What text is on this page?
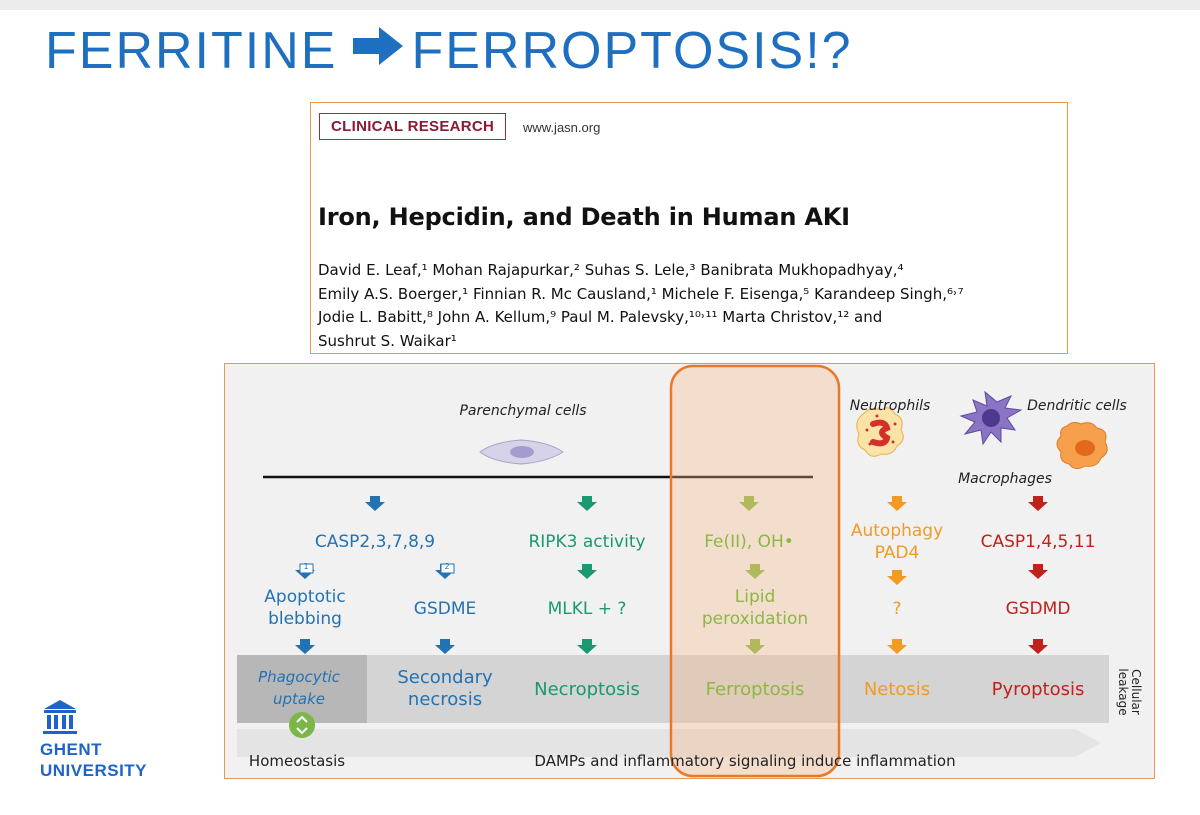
FERRITINE FERROPTOSIS!?
CLINICAL RESEARCH	www.jasn.org
Iron, Hepcidin, and Death in Human AKI
David E. Leaf,¹ Mohan Rajapurkar,² Suhas S. Lele,³ Banibrata Mukhopadhyay,⁴
Emily A.S. Boerger,¹ Finnian R. Mc Causland,¹ Michele F. Eisenga,⁵ Karandeep Singh,⁶˒⁷
Jodie L. Babitt,⁸ John A. Kellum,⁹ Paul M. Palevsky,¹⁰˒¹¹ Marta Christov,¹² and
Sushrut S. Waikar¹
Parenchymal cells	Neutrophils	Dendritic cells
Macrophages
CASP2,3,7,8,9	RIPK3 activity	Fe(II), OH•
Autophagy
PAD4
CASP1,4,5,11
1	2
Apoptotic
blebbing	GSDME	MLKL + ?
Lipid
peroxidation	?	GSDMD
Phagocytic
uptake
Secondary
necrosis	Necroptosis	Ferroptosis	Netosis	Pyroptosis	Cellular
leakage
Homeostasis	DAMPs and inflammatory signaling induce inflammation
GHENT
UNIVERSITY
